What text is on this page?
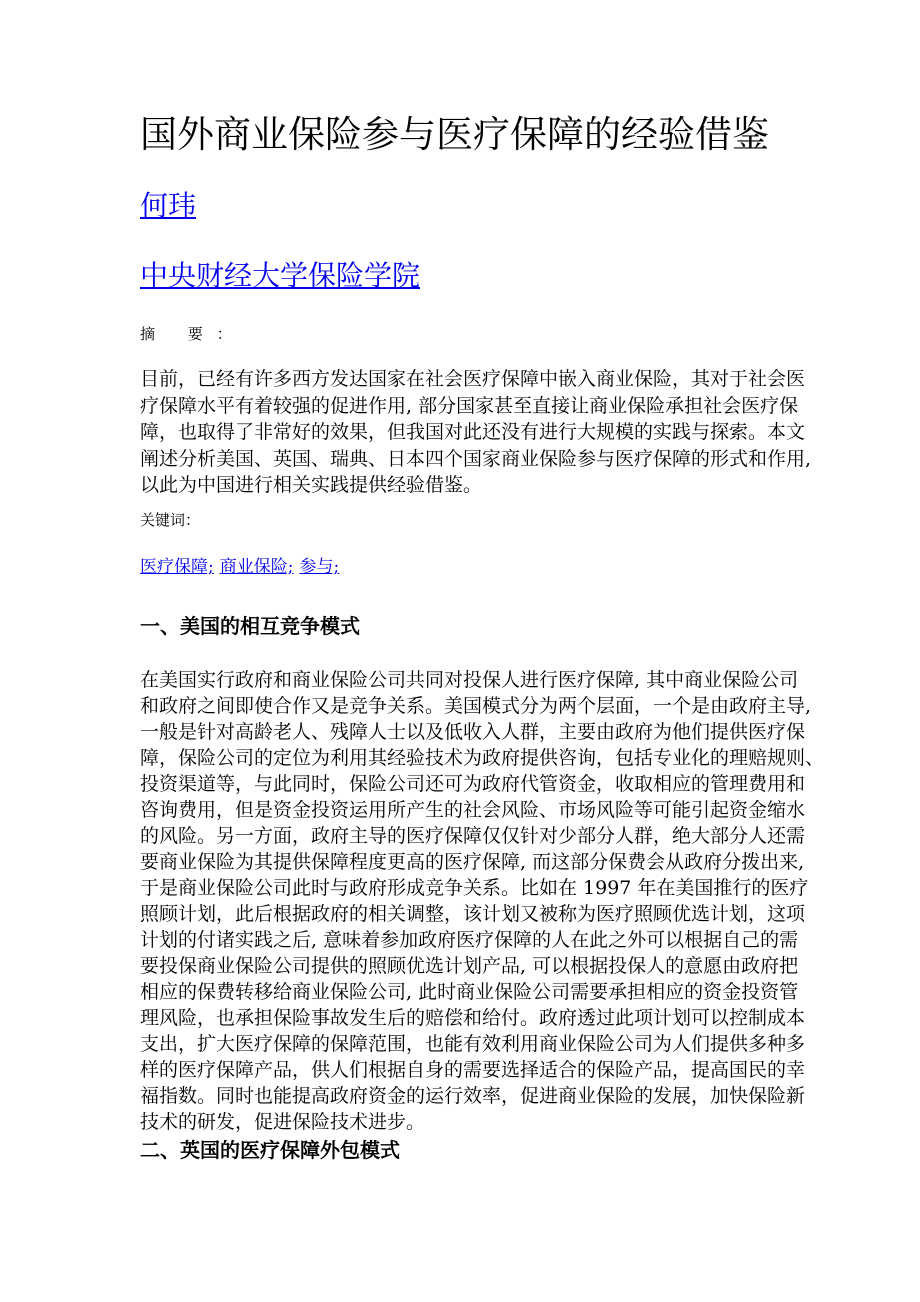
国外商业保险参与医疗保障的经验借鉴
何玮
中央财经大学保险学院
摘 要：
目前，已经有许多西方发达国家在社会医疗保障中嵌入商业保险，其对于社会医
疗保障水平有着较强的促进作用, 部分国家甚至直接让商业保险承担社会医疗保
障，也取得了非常好的效果，但我国对此还没有进行大规模的实践与探索。本文
阐述分析美国、英国、瑞典、日本四个国家商业保险参与医疗保障的形式和作用,
以此为中国进行相关实践提供经验借鉴。
关键词：
医疗保障; 商业保险; 参与;
一、美国的相互竞争模式
在美国实行政府和商业保险公司共同对投保人进行医疗保障, 其中商业保险公司
和政府之间即使合作又是竞争关系。美国模式分为两个层面，一个是由政府主导,
一般是针对高龄老人、残障人士以及低收入人群，主要由政府为他们提供医疗保
障，保险公司的定位为利用其经验技术为政府提供咨询，包括专业化的理赔规则、
投资渠道等，与此同时，保险公司还可为政府代管资金，收取相应的管理费用和
咨询费用，但是资金投资运用所产生的社会风险、市场风险等可能引起资金缩水
的风险。另一方面，政府主导的医疗保障仅仅针对少部分人群，绝大部分人还需
要商业保险为其提供保障程度更高的医疗保障, 而这部分保费会从政府分拨出来,
于是商业保险公司此时与政府形成竞争关系。比如在 1997 年在美国推行的医疗
照顾计划，此后根据政府的相关调整，该计划又被称为医疗照顾优选计划，这项
计划的付诸实践之后, 意味着参加政府医疗保障的人在此之外可以根据自己的需
要投保商业保险公司提供的照顾优选计划产品, 可以根据投保人的意愿由政府把
相应的保费转移给商业保险公司, 此时商业保险公司需要承担相应的资金投资管
理风险，也承担保险事故发生后的赔偿和给付。政府透过此项计划可以控制成本
支出，扩大医疗保障的保障范围，也能有效利用商业保险公司为人们提供多种多
样的医疗保障产品，供人们根据自身的需要选择适合的保险产品，提高国民的幸
福指数。同时也能提高政府资金的运行效率，促进商业保险的发展，加快保险新
技术的研发，促进保险技术进步。
二、英国的医疗保障外包模式
